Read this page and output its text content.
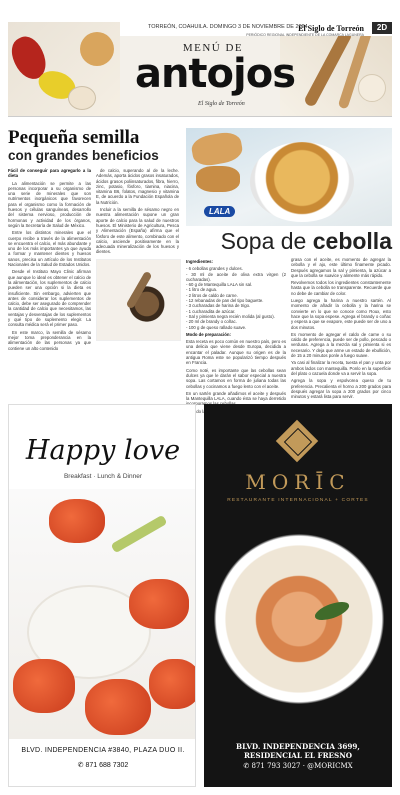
TORREÓN, COAHUILA. DOMINGO 3 DE NOVIEMBRE DE 2024
El Siglo de Torreón
PERIÓDICO REGIONAL INDEPENDIENTE DE LA COMARCA LAGUNERA
2D
MENÚ DE
antojos
El Siglo de Torreón
Pequeña semilla
con grandes beneficios

Fácil de conseguir para agregarlo a la dieta

La alimentación se permite a las personas incorporar a su organismo de una serie de minerales que son nutrimentos inorgánicos que favorecen para el organismo como la formación de huesos y células sanguíneas, desarrollo del sistema nervioso, producción de hormonas y actividad de los órganos, según la Secretaría de Salud de México.

Entre los distintos minerales que el cuerpo recibe a través de la alimentación se encuentra el calcio, el más abundante y uno de los más importantes ya que ayuda a formar y mantener dientes y huesos sanos, precisa un artículo de los Institutos Nacionales de la Salud de Estados Unidos.

Desde el Instituto Mayo Clinic afirman que aunque lo ideal es obtener el calcio de la alimentación, los suplementos de calcio pueden ser una opción si la dieta es insuficiente. Sin embargo, advierten que antes de considerar los suplementos de calcio, debe ser asegurado de comprender la cantidad de calcio que necesitamos, las ventajas y desventajas de los suplementos y qué tipo de suplemento elegir. La consulta médica será el primer paso.

En este marco, la semilla de sésamo mejor toma preponderancia en la alimentación de las personas ya que contiene un alto contenido

de calcio, superando al de la leche. Además, aporta ácidos grasos insaturados, ácidos grasos poliinsaturados, fibra, hierro, zinc, potasio, fósforo, tiamina, niacina, vitamina B6, folatos, magnesio y vitamina E, de acuerdo a la Fundación Española de la Nutrición.

Incluir a la semilla de sésamo negro en nuestra alimentación supone un gran aporte de calcio para la salud de nuestros huesos. El Ministerio de Agricultura, Pesca y Alimentación (España) afirma que el fósforo de este alimento, combinado con el calcio, asciende positivamente en la adecuada mineralización de los huesos y dientes.

LALA
Sopa de cebolla

Ingredientes:

- 6 cebollas grandes y dulces.
- 30 ml de aceite de oliva extra virgen (2 cucharadas).
- 60 g de Mantequilla LALA sin sal.
- 1 litro de agua.
- 2 litros de caldo de carne.
- 12 rebanadas de pan del tipo baguette.
- 3 cucharadas de harina de trigo.
- 1 cucharadita de azúcar.
- Sal y pimienta negra recién molida (al gusto).
- 20 ml de brandy o coñac.
- 100 g de queso rallado suave.

Modo de preparación:

Esta receta es poco común en nuestro país, pero es una delicia que viene desde Europa, decidida a encantar el paladar. Aunque su origen es de la antigua Roma este se popularizó tiempo después en Francia.

Como noté, es importante que las cebollas sean dulces ya que le darán el sabor especial a nuestra sopa. Las cortamos en forma de juliana todas las cebollas y cocinamos a fuego lento con el aceite.

En un sartén grande añadimos el aceite y después la Mantequilla LALA, cuando ésta se haya derretido incorporamos

grasa con el aceite, es momento de agregar la cebolla y el ajo, este último finamente picado. Después agregamos la sal y pimienta, la azúcar a que la cebolla se suavice y alimente más rápido.

Revolvemos todos los ingredientes constantemente hasta que la cebolla se transparente. Recuerde que no debe de cambiar de color.

Luego agrega la harina a nuestro sartén. Al momento de añadir la cebolla y la harina se convierte en lo que se conoce como Roux, esto hace que la sopa espese. Agrega el brandy o coñac y espera a que se evapore, este puede ser de uno a dos minutos.

Es momento de agregar el caldo de carne o su caldo de preferencia, puede ser de pollo, pescado o verduras. Agrega a la mezcla sal y pimienta si es necesario. Y deja que arme un estado de ebullición, de 15 a 20 minutos ponle a fuego suave.

Ya casi al finalizar la receta, tuesta el pan y unta por ambos lados con mantequilla. Ponlo en la superficie del plato o cazuela donde va a servir la sopa.

Agrega la sopa y espolvorea queso de tu preferencia. Precalienta el horno a 200 grados para después agregar la sopa a 200 grados por cinco minutos y estará lista para servir.

Happy love
Breakfast · Lunch & Dinner
BLVD. INDEPENDENCIA #3840, PLAZA DUO II.
✆ 871 688 7302
MORĪC
RESTAURANTE INTERNACIONAL + CORTES
BLVD. INDEPENDENCIA 3699,
RESIDENCIAL EL FRESNO
✆ 871 793 3027 · @MORICMX
